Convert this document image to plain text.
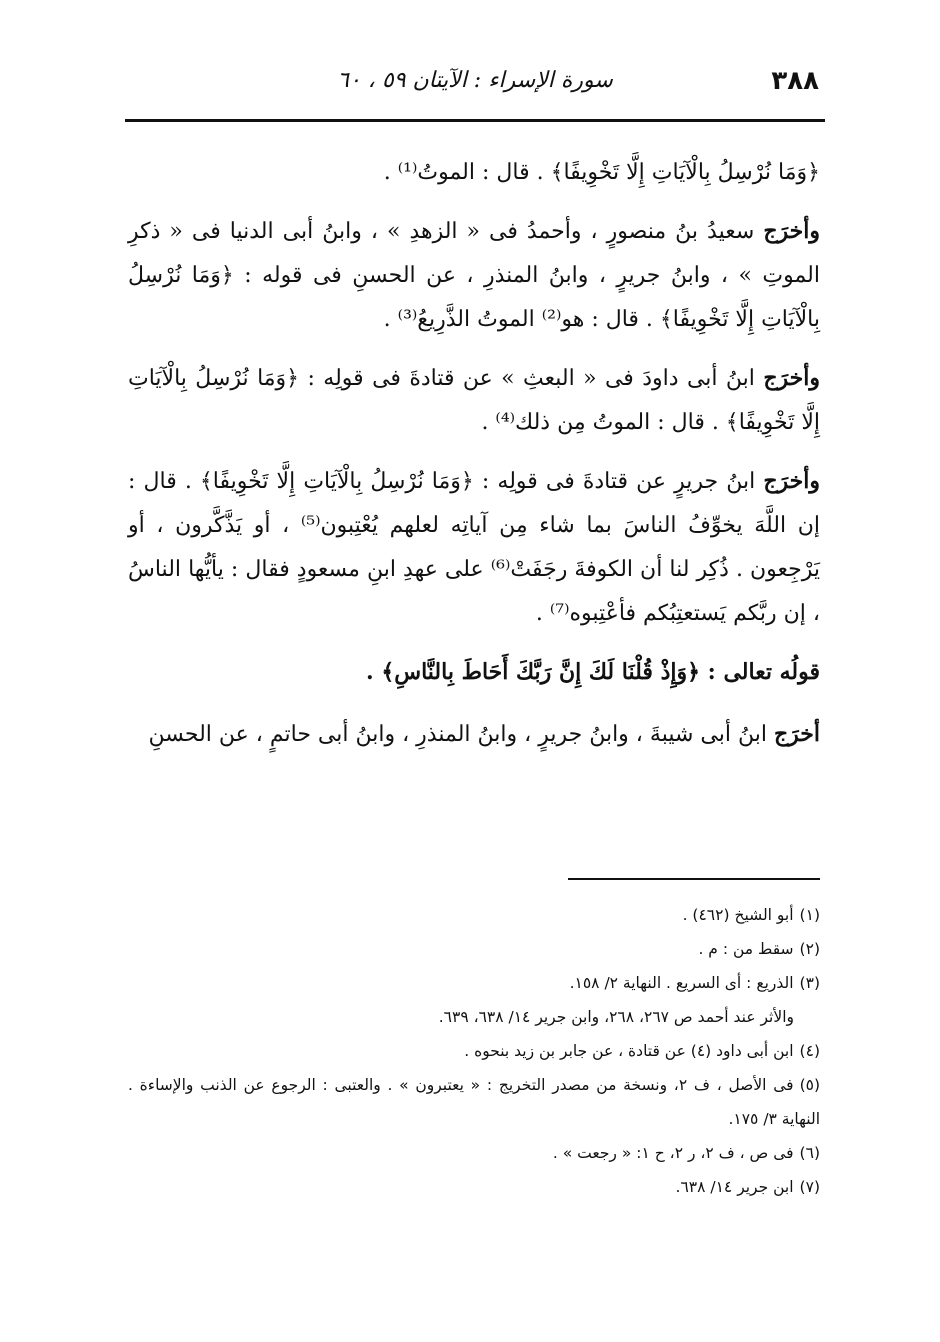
٣٨٨
سورة الإسراء : الآيتان ٥٩ ، ٦٠

﴿وَمَا نُرْسِلُ بِالْآيَاتِ إِلَّا تَخْوِيفًا﴾ . قال : الموتُ⁽¹⁾ .

وأخرَج سعيدُ بنُ منصورٍ ، وأحمدُ فى « الزهدِ » ، وابنُ أبى الدنيا فى « ذكرِ الموتِ » ، وابنُ جريرٍ ، وابنُ المنذرِ ، عن الحسنِ فى قوله : ﴿وَمَا نُرْسِلُ بِالْآيَاتِ إِلَّا تَخْوِيفًا﴾ . قال : هو⁽²⁾ الموتُ الذَّرِيعُ⁽³⁾ .

وأخرَج ابنُ أبى داودَ فى « البعثِ » عن قتادةَ فى قولِه : ﴿وَمَا نُرْسِلُ بِالْآيَاتِ إِلَّا تَخْوِيفًا﴾ . قال : الموتُ مِن ذلك⁽⁴⁾ .

وأخرَج ابنُ جريرٍ عن قتادةَ فى قولِه : ﴿وَمَا نُرْسِلُ بِالْآيَاتِ إِلَّا تَخْوِيفًا﴾ . قال : إن اللَّهَ يخوِّفُ الناسَ بما شاء مِن آياتِه لعلهم يُعْتِبون⁽⁵⁾ ، أو يَذَّكَّرون ، أو يَرْجِعون . ذُكِر لنا أن الكوفةَ رجَفَتْ⁽⁶⁾ على عهدِ ابنِ مسعودٍ فقال : يأيُّها الناسُ ، إن ربَّكم يَستعتِبُكم فأعْتِبوه⁽⁷⁾ .

قولُه تعالى : ﴿وَإِذْ قُلْنَا لَكَ إِنَّ رَبَّكَ أَحَاطَ بِالنَّاسِ﴾ .

أخرَج ابنُ أبى شيبةَ ، وابنُ جريرٍ ، وابنُ المنذرِ ، وابنُ أبى حاتمٍ ، عن الحسنِ

(١)أبو الشيخ (٤٦٢) .

(٢)سقط من : م .

(٣)الذريع : أى السريع . النهاية ٢/ ١٥٨.

والأثر عند أحمد ص ٢٦٧، ٢٦٨، وابن جرير ١٤/ ٦٣٨، ٦٣٩.

(٤)ابن أبى داود (٤) عن قتادة ، عن جابر بن زيد بنحوه .

(٥)فى الأصل ، ف ٢، ونسخة من مصدر التخريج : « يعتبرون » . والعتبى : الرجوع عن الذنب والإساءة . النهاية ٣/ ١٧٥.

(٦)فى ص ، ف ٢، ر ٢، ح ١: « رجعت » .

(٧)ابن جرير ١٤/ ٦٣٨.
